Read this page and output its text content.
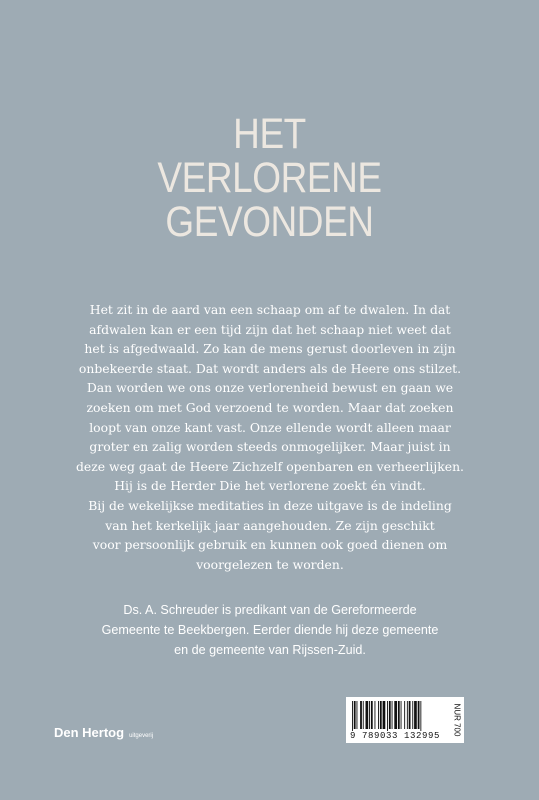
HET
VERLORENE
GEVONDEN
Het zit in de aard van een schaap om af te dwalen. In dat
afdwalen kan er een tijd zijn dat het schaap niet weet dat
het is afgedwaald. Zo kan de mens gerust doorleven in zijn
onbekeerde staat. Dat wordt anders als de Heere ons stilzet.
Dan worden we ons onze verlorenheid bewust en gaan we
zoeken om met God verzoend te worden. Maar dat zoeken
loopt van onze kant vast. Onze ellende wordt alleen maar
groter en zalig worden steeds onmogelijker. Maar juist in
deze weg gaat de Heere Zichzelf openbaren en verheerlijken.
Hij is de Herder Die het verlorene zoekt én vindt.
Bij de wekelijkse meditaties in deze uitgave is de indeling
van het kerkelijk jaar aangehouden. Ze zijn geschikt
voor persoonlijk gebruik en kunnen ook goed dienen om
voorgelezen te worden.
Ds. A. Schreuder is predikant van de Gereformeerde
Gemeente te Beekbergen. Eerder diende hij deze gemeente
en de gemeente van Rijssen-Zuid.
Den Hertog uitgeverij	9 789033 132995	NUR 700
